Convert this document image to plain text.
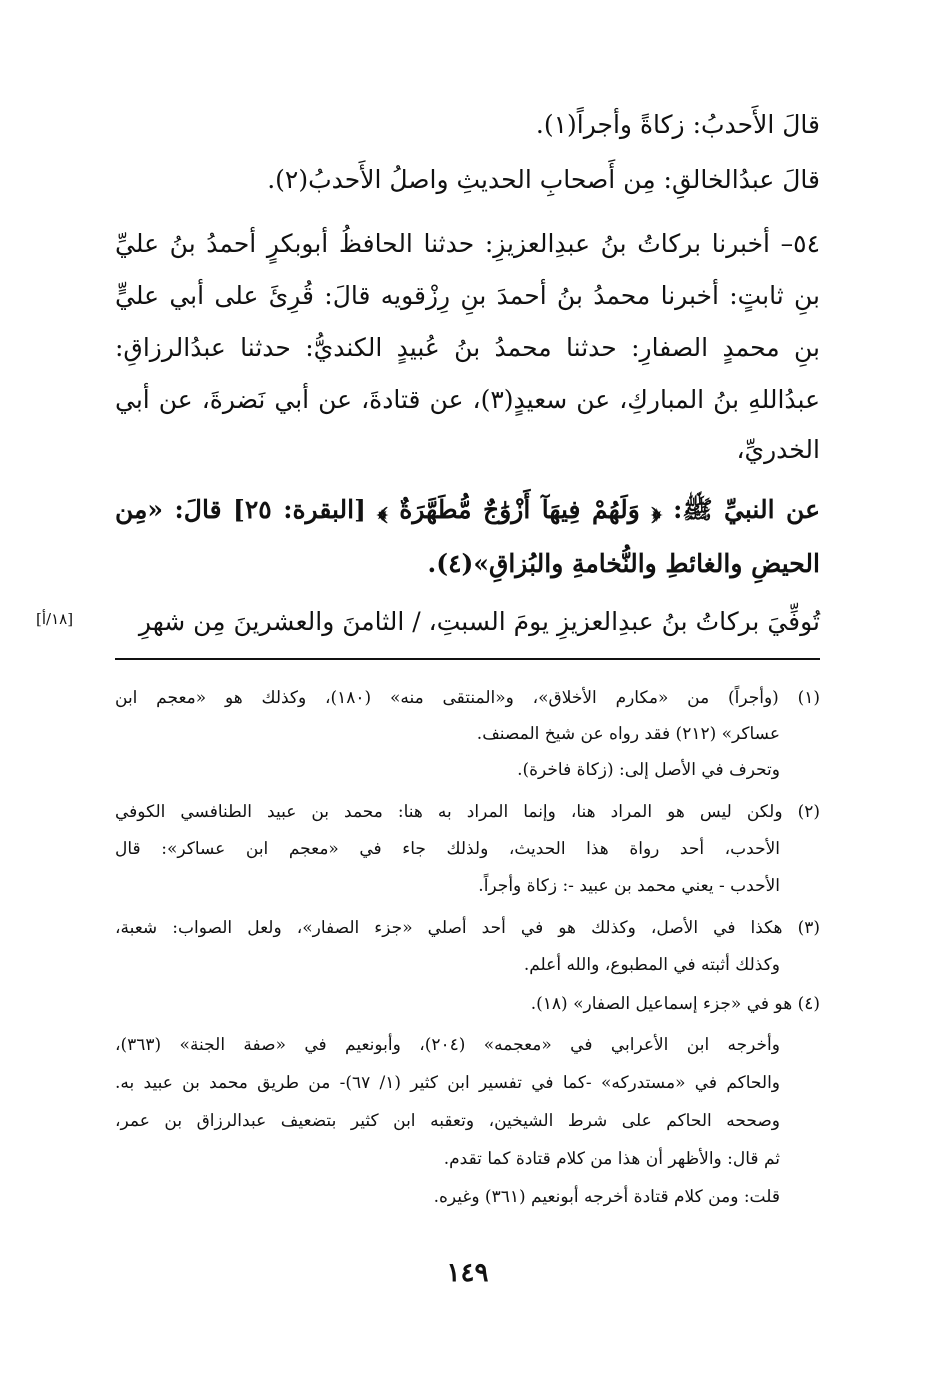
قالَ الأَحدبُ: زكاةً وأجراً(١).
قالَ عبدُالخالقِ: مِن أَصحابِ الحديثِ واصلُ الأَحدبُ(٢).
٥٤– أخبرنا بركاتُ بنُ عبدِالعزيزِ: حدثنا الحافظُ أبوبكرٍ أحمدُ بنُ عليِّ
بنِ ثابتٍ: أخبرنا محمدُ بنُ أحمدَ بنِ رِزْقويه قالَ: قُرِئَ على أبي عليٍّ
بنِ محمدٍ الصفارِ: حدثنا محمدُ بنُ عُبيدٍ الكنديُّ: حدثنا عبدُالرزاقِ:
عبدُاللهِ بنُ المباركِ، عن سعيدٍ(٣)، عن قتادةَ، عن أبي نَضرةَ، عن أبي
الخدريِّ،
عن النبيِّ ﷺ: ﴿ وَلَهُمْ فِيهَآ أَزْوَٰجٌ مُّطَهَّرَةٌ ﴾ [البقرة: ٢٥] قالَ: «مِن
الحيضِ والغائطِ والنُّخامةِ والبُزاقِ»(٤).
تُوفِّيَ بركاتُ بنُ عبدِالعزيزِ يومَ السبتِ، / الثامنَ والعشرينَ مِن شهرِ
[١٨/أ]
(١) (وأجراً) من «مكارم الأخلاق»، و«المنتقى منه» (١٨٠)، وكذلك هو «معجم ابن
عساكر» (٢١٢) فقد رواه عن شيخ المصنف.
وتحرف في الأصل إلى: (زكاة فاخرة).
(٢) ولكن ليس هو المراد هنا، وإنما المراد به هنا: محمد بن عبيد الطنافسي الكوفي
الأحدب، أحد رواة هذا الحديث، ولذلك جاء في «معجم ابن عساكر»: قال
الأحدب - يعني محمد بن عبيد -: زكاة وأجراً.
(٣) هكذا في الأصل، وكذلك هو في أحد أصلي «جزء الصفار»، ولعل الصواب: شعبة،
وكذلك أثبته في المطبوع، والله أعلم.
(٤) هو في «جزء إسماعيل الصفار» (١٨).
وأخرجه ابن الأعرابي في «معجمه» (٢٠٤)، وأبونعيم في «صفة الجنة» (٣٦٣)،
والحاكم في «مستدركه» -كما في تفسير ابن كثير (١/ ٦٧)- من طريق محمد بن عبيد به.
وصححه الحاكم على شرط الشيخين، وتعقبه ابن كثير بتضعيف عبدالرزاق بن عمر،
ثم قال: والأظهر أن هذا من كلام قتادة كما تقدم.
قلت: ومن كلام قتادة أخرجه أبونعيم (٣٦١) وغيره.
١٤٩
